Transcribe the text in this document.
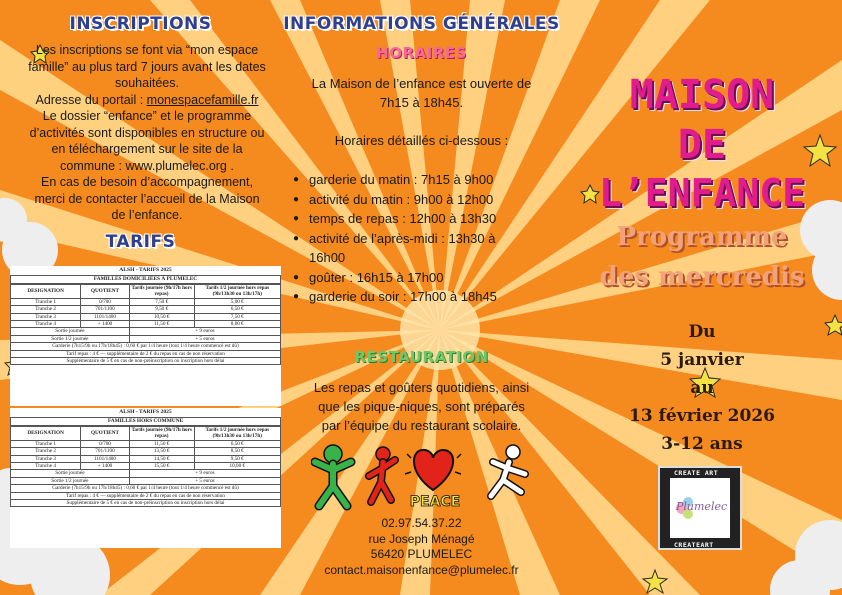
INSCRIPTIONS

Les inscriptions se font via “mon espace

famille” au plus tard 7 jours avant les dates

souhaitées.

Adresse du portail : monespacefamille.fr

Le dossier “enfance” et le programme

d’activités sont disponibles en structure ou

en téléchargement sur le site de la

commune : www.plumelec.org .

En cas de besoin d’accompagnement,

merci de contacter l’accueil de la Maison

de l’enfance.

TARIFS
ALSH - TARIFS 2025
FAMILLES DOMICILIÉES À PLUMELEC
DESIGNATION	QUOTIENT	Tarifs journée (9h/17h hors repas)	Tarifs 1/2 journée hors repas (9h/13h30 ou 13h/17h)
Tranche 1	0/700	7,50 €	5,00 €
Tranche 2	701/1100	9,50 €	6,50 €
Tranche 3	1101/1400	10,50 €	7,50 €
Tranche 4	+ 1400	11,50 €	8,00 €
Sortie journée		+ 9 euros	
Sortie 1/2 journée		+ 5 euros	
Garderie (7h15/9h ou 17h/18h45) : 0,60 € par 1/4 heure (tout 1/4 heure commencé est dû)			
Tarif repas : 4 € — supplémentaire de 2 € du repas en cas de non réservation			
Supplémentaire de 5 € en cas de non-préinscription ou inscription hors délai			
ALSH - TARIFS 2025
FAMILLES HORS COMMUNE
DESIGNATION	QUOTIENT	Tarifs journée (9h/17h hors repas)	Tarifs 1/2 journée hors repas (9h/13h30 ou 13h/17h)
Tranche 1	0/700	11,50 €	6,50 €
Tranche 2	701/1100	13,50 €	8,50 €
Tranche 3	1101/1400	14,50 €	9,50 €
Tranche 4	+ 1400	15,50 €	10,00 €
Sortie journée		+ 9 euros	
Sortie 1/2 journée		+ 5 euros	
Garderie (7h15/9h ou 17h/18h45) : 0,60 € par 1/4 heure (tout 1/4 heure commencé est dû)			
Tarif repas : 4 € — supplémentaire de 2 € du repas en cas de non réservation			
Supplémentaire de 5 € en cas de non-préinscription ou inscription hors délai			
INFORMATIONS GÉNÉRALES
HORAIRES

La Maison de l’enfance est ouverte de

7h15 à 18h45.

Horaires détaillés ci-dessous :
● garderie du matin : 7h15 à 9h00
● activité du matin : 9h00 à 12h00
● temps de repas : 12h00 à 13h30
● activité de l’après-midi : 13h30 à
16h00
● goûter : 16h15 à 17h00
● garderie du soir : 17h00 à 18h45
RESTAURATION

Les repas et goûters quotidiens, ainsi

que les pique-niques, sont préparés

par l’équipe du restaurant scolaire.

PEACE

02.97.54.37.22

rue Joseph Ménagé

56420 PLUMELEC

contact.maisonenfance@plumelec.fr

MAISON
DE
L’ENFANCE
Programme
des mercredis

Du

5 janvier

au

13 février 2026

3-12 ans

CREATE ART
CREATEART
Plumelec
